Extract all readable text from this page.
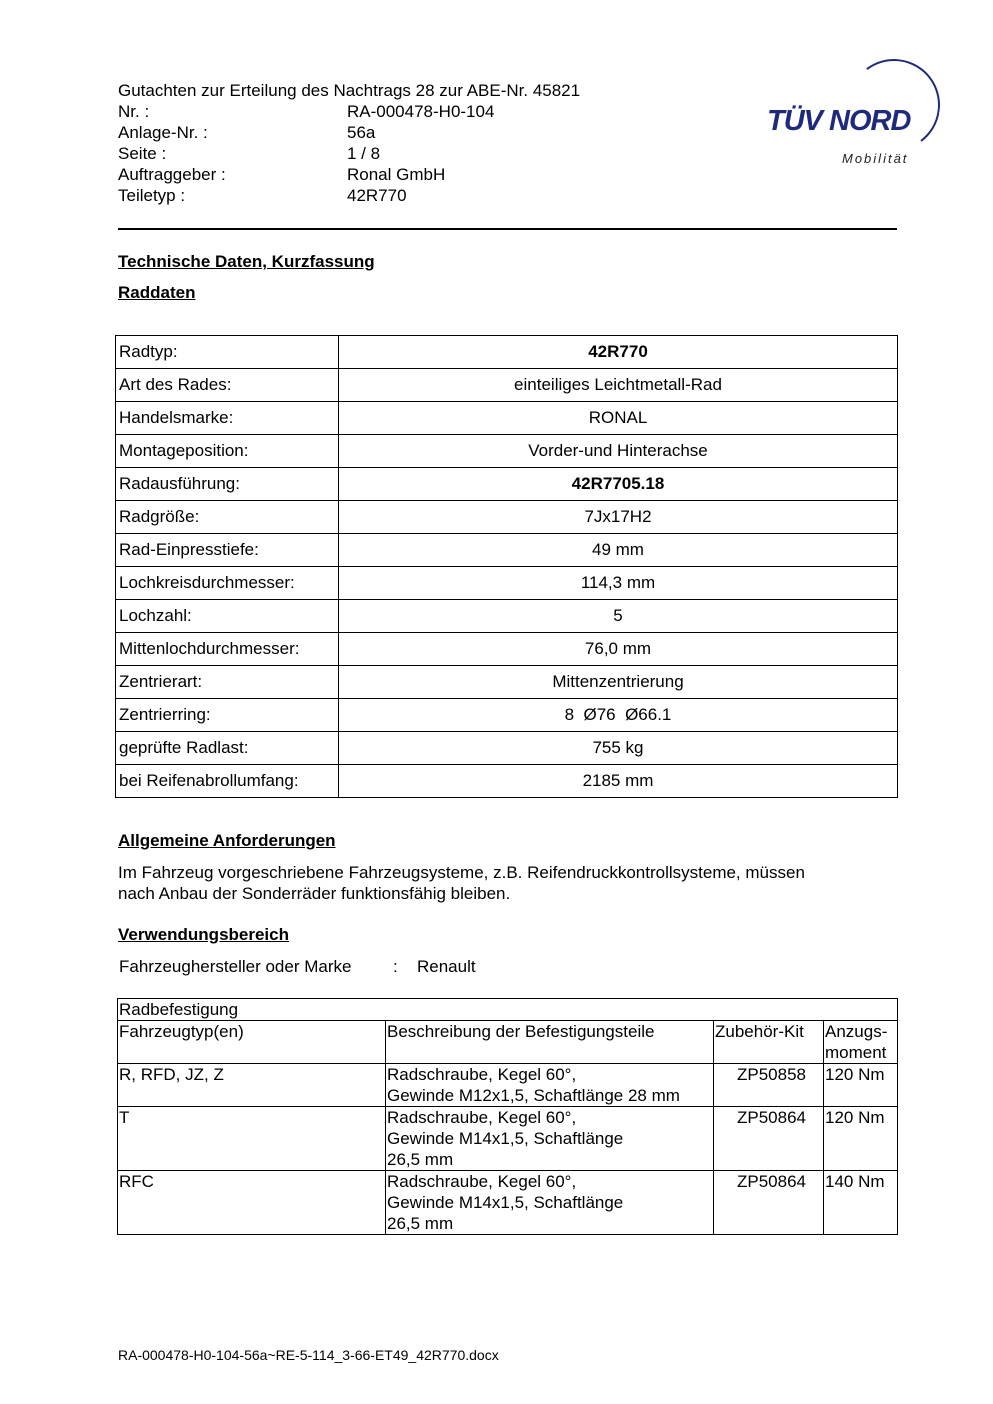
Gutachten zur Erteilung des Nachtrags 28 zur ABE-Nr. 45821
Nr. :	RA-000478-H0-104
Anlage-Nr. :	56a
Seite :	1 / 8
Auftraggeber :	Ronal GmbH
Teiletyp :	42R770
TÜV NORD
Mobilität
Technische Daten, Kurzfassung
Raddaten
Radtyp:	42R770
Art des Rades:	einteiliges Leichtmetall-Rad
Handelsmarke:	RONAL
Montageposition:	Vorder-und Hinterachse
Radausführung:	42R7705.18
Radgröße:	7Jx17H2
Rad-Einpresstiefe:	49 mm
Lochkreisdurchmesser:	114,3 mm
Lochzahl:	5
Mittenlochdurchmesser:	76,0 mm
Zentrierart:	Mittenzentrierung
Zentrierring:	8  Ø76  Ø66.1
geprüfte Radlast:	755 kg
bei Reifenabrollumfang:	2185 mm
Allgemeine Anforderungen
Im Fahrzeug vorgeschriebene Fahrzeugsysteme, z.B. Reifendruckkontrollsysteme, müssen
nach Anbau der Sonderräder funktionsfähig bleiben.
Verwendungsbereich
Fahrzeughersteller oder Marke : Renault
Radbefestigung			
Fahrzeugtyp(en)	Beschreibung der Befestigungsteile	Zubehör-Kit	Anzugs-
moment

R, RFD, JZ, Z	Radschraube, Kegel 60°,
Gewinde M12x1,5, Schaftlänge 28 mm	ZP50858	120 Nm
T	Radschraube, Kegel 60°,
Gewinde M14x1,5, Schaftlänge
26,5 mm	ZP50864	120 Nm
RFC	Radschraube, Kegel 60°,
Gewinde M14x1,5, Schaftlänge
26,5 mm	ZP50864	140 Nm
RA-000478-H0-104-56a~RE-5-114_3-66-ET49_42R770.docx
